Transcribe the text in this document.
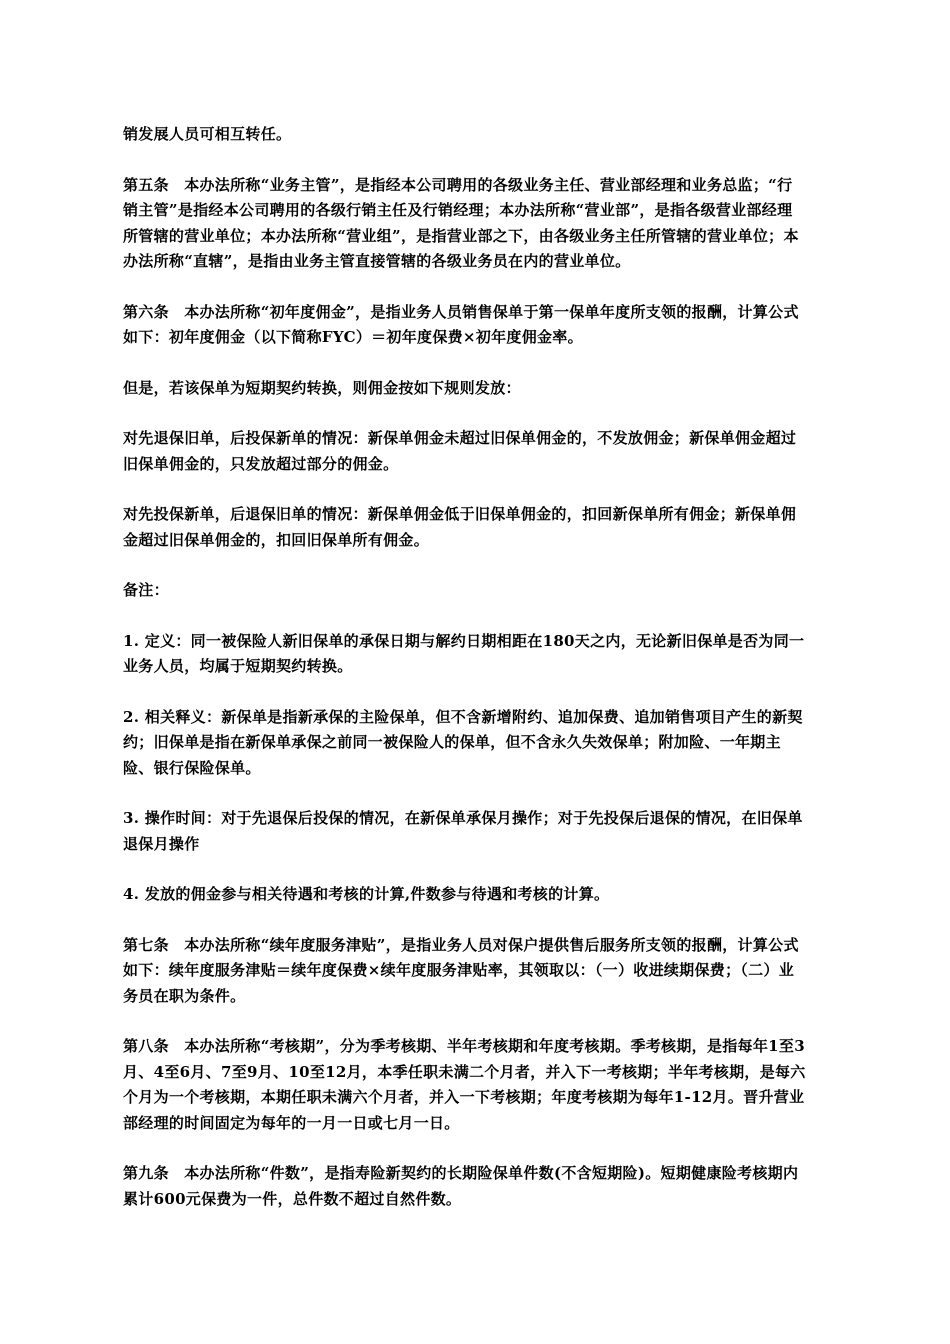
销发展人员可相互转任。

第五条　本办法所称“业务主管”，是指经本公司聘用的各级业务主任、营业部经理和业务总监；“行销主管”是指经本公司聘用的各级行销主任及行销经理；本办法所称“营业部”，是指各级营业部经理所管辖的营业单位；本办法所称“营业组”，是指营业部之下，由各级业务主任所管辖的营业单位；本办法所称“直辖”，是指由业务主管直接管辖的各级业务员在内的营业单位。

第六条　本办法所称“初年度佣金”，是指业务人员销售保单于第一保单年度所支领的报酬，计算公式如下：初年度佣金（以下简称FYC）＝初年度保费×初年度佣金率。

但是，若该保单为短期契约转换，则佣金按如下规则发放：

对先退保旧单，后投保新单的情况：新保单佣金未超过旧保单佣金的，不发放佣金；新保单佣金超过旧保单佣金的，只发放超过部分的佣金。

对先投保新单，后退保旧单的情况：新保单佣金低于旧保单佣金的，扣回新保单所有佣金；新保单佣金超过旧保单佣金的，扣回旧保单所有佣金。

备注：

1. 定义：同一被保险人新旧保单的承保日期与解约日期相距在180天之内，无论新旧保单是否为同一业务人员，均属于短期契约转换。

2. 相关释义：新保单是指新承保的主险保单，但不含新增附约、追加保费、追加销售项目产生的新契约；旧保单是指在新保单承保之前同一被保险人的保单，但不含永久失效保单；附加险、一年期主险、银行保险保单。

3. 操作时间：对于先退保后投保的情况，在新保单承保月操作；对于先投保后退保的情况，在旧保单退保月操作

4. 发放的佣金参与相关待遇和考核的计算,件数参与待遇和考核的计算。

第七条　本办法所称“续年度服务津贴”，是指业务人员对保户提供售后服务所支领的报酬，计算公式如下：续年度服务津贴＝续年度保费×续年度服务津贴率，其领取以：（一）收进续期保费；（二）业务员在职为条件。

第八条　本办法所称“考核期”，分为季考核期、半年考核期和年度考核期。季考核期，是指每年1至3月、4至6月、7至9月、10至12月，本季任职未满二个月者，并入下一考核期；半年考核期，是每六个月为一个考核期，本期任职未满六个月者，并入一下考核期；年度考核期为每年1-12月。晋升营业部经理的时间固定为每年的一月一日或七月一日。

第九条　本办法所称“件数”，是指寿险新契约的长期险保单件数(不含短期险)。短期健康险考核期内累计600元保费为一件，总件数不超过自然件数。
